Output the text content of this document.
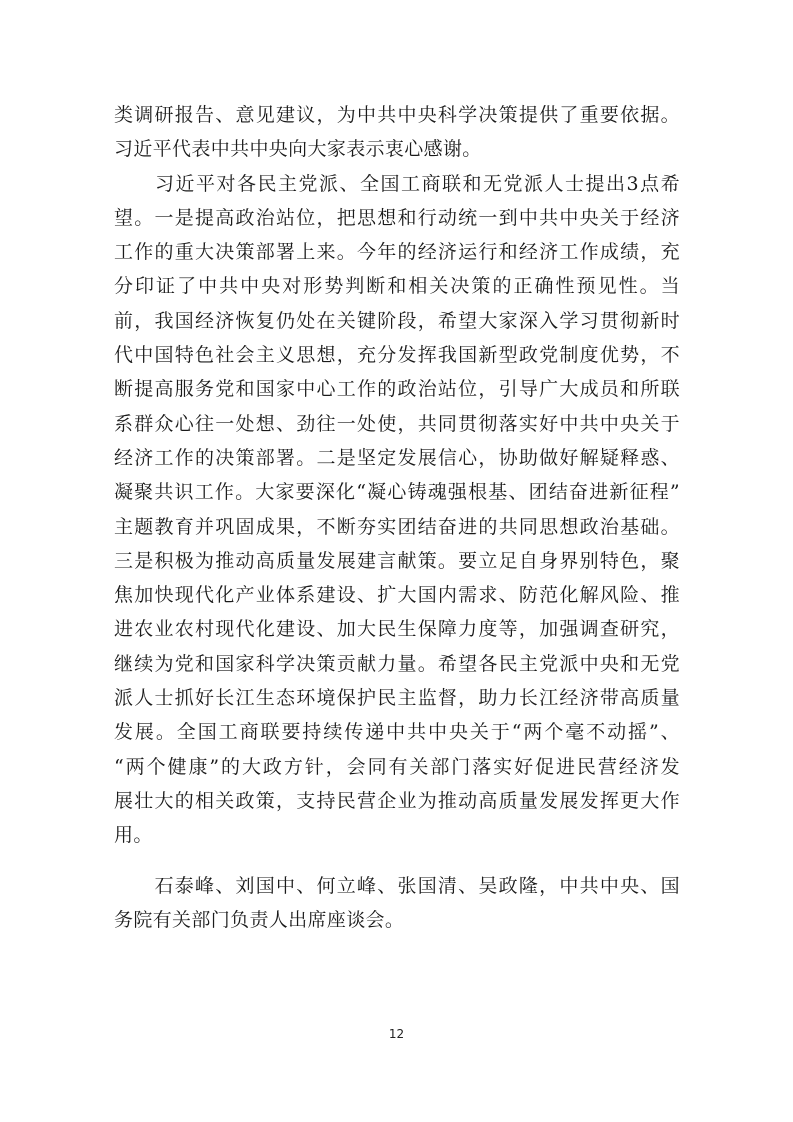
类调研报告、意见建议，为中共中央科学决策提供了重要依据。
习近平代表中共中央向大家表示衷心感谢。
　　习近平对各民主党派、全国工商联和无党派人士提出3点希
望。一是提高政治站位，把思想和行动统一到中共中央关于经济
工作的重大决策部署上来。今年的经济运行和经济工作成绩，充
分印证了中共中央对形势判断和相关决策的正确性预见性。当
前，我国经济恢复仍处在关键阶段，希望大家深入学习贯彻新时
代中国特色社会主义思想，充分发挥我国新型政党制度优势，不
断提高服务党和国家中心工作的政治站位，引导广大成员和所联
系群众心往一处想、劲往一处使，共同贯彻落实好中共中央关于
经济工作的决策部署。二是坚定发展信心，协助做好解疑释惑、
凝聚共识工作。大家要深化“凝心铸魂强根基、团结奋进新征程”
主题教育并巩固成果，不断夯实团结奋进的共同思想政治基础。
三是积极为推动高质量发展建言献策。要立足自身界别特色，聚
焦加快现代化产业体系建设、扩大国内需求、防范化解风险、推
进农业农村现代化建设、加大民生保障力度等，加强调查研究，
继续为党和国家科学决策贡献力量。希望各民主党派中央和无党
派人士抓好长江生态环境保护民主监督，助力长江经济带高质量
发展。全国工商联要持续传递中共中央关于“两个毫不动摇”、
“两个健康”的大政方针，会同有关部门落实好促进民营经济发
展壮大的相关政策，支持民营企业为推动高质量发展发挥更大作
用。
　　石泰峰、刘国中、何立峰、张国清、吴政隆，中共中央、国
务院有关部门负责人出席座谈会。
12
